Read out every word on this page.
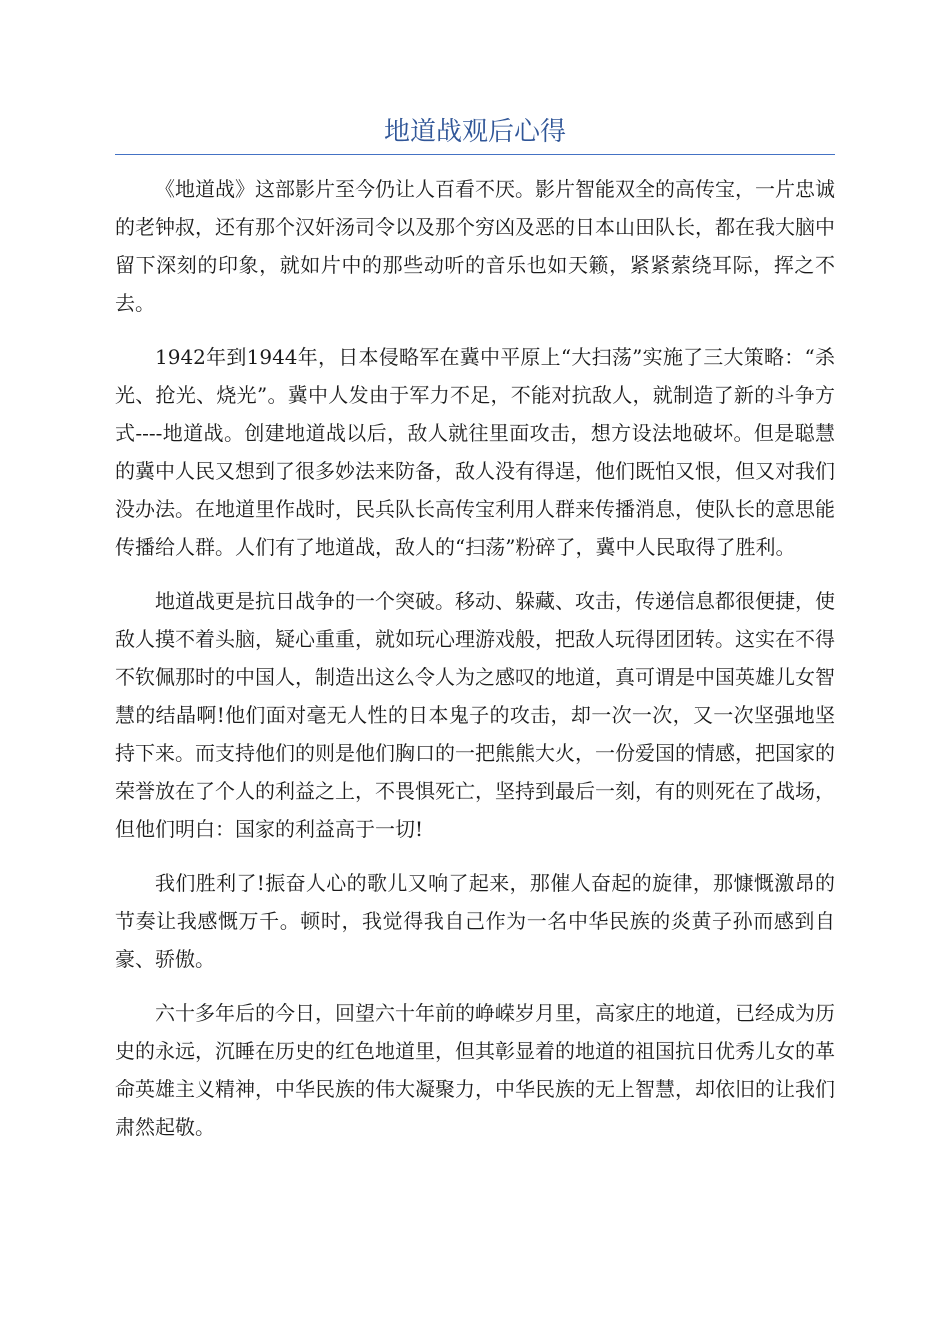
地道战观后心得

《地道战》这部影片至今仍让人百看不厌。影片智能双全的高传宝，一片忠诚的老钟叔，还有那个汉奸汤司令以及那个穷凶及恶的日本山田队长，都在我大脑中留下深刻的印象，就如片中的那些动听的音乐也如天籁，紧紧萦绕耳际，挥之不去。

1942年到1944年，日本侵略军在冀中平原上“大扫荡”实施了三大策略：“杀光、抢光、烧光”。冀中人发由于军力不足，不能对抗敌人，就制造了新的斗争方式----地道战。创建地道战以后，敌人就往里面攻击，想方设法地破坏。但是聪慧的冀中人民又想到了很多妙法来防备，敌人没有得逞，他们既怕又恨，但又对我们没办法。在地道里作战时，民兵队长高传宝利用人群来传播消息，使队长的意思能传播给人群。人们有了地道战，敌人的“扫荡”粉碎了，冀中人民取得了胜利。

地道战更是抗日战争的一个突破。移动、躲藏、攻击，传递信息都很便捷，使敌人摸不着头脑，疑心重重，就如玩心理游戏般，把敌人玩得团团转。这实在不得不钦佩那时的中国人，制造出这么令人为之感叹的地道，真可谓是中国英雄儿女智慧的结晶啊!他们面对毫无人性的日本鬼子的攻击，却一次一次，又一次坚强地坚持下来。而支持他们的则是他们胸口的一把熊熊大火，一份爱国的情感，把国家的荣誉放在了个人的利益之上，不畏惧死亡，坚持到最后一刻，有的则死在了战场，但他们明白：国家的利益高于一切!

我们胜利了!振奋人心的歌儿又响了起来，那催人奋起的旋律，那慷慨激昂的节奏让我感慨万千。顿时，我觉得我自己作为一名中华民族的炎黄子孙而感到自豪、骄傲。

六十多年后的今日，回望六十年前的峥嵘岁月里，高家庄的地道，已经成为历史的永远，沉睡在历史的红色地道里，但其彰显着的地道的祖国抗日优秀儿女的革命英雄主义精神，中华民族的伟大凝聚力，中华民族的无上智慧，却依旧的让我们肃然起敬。
